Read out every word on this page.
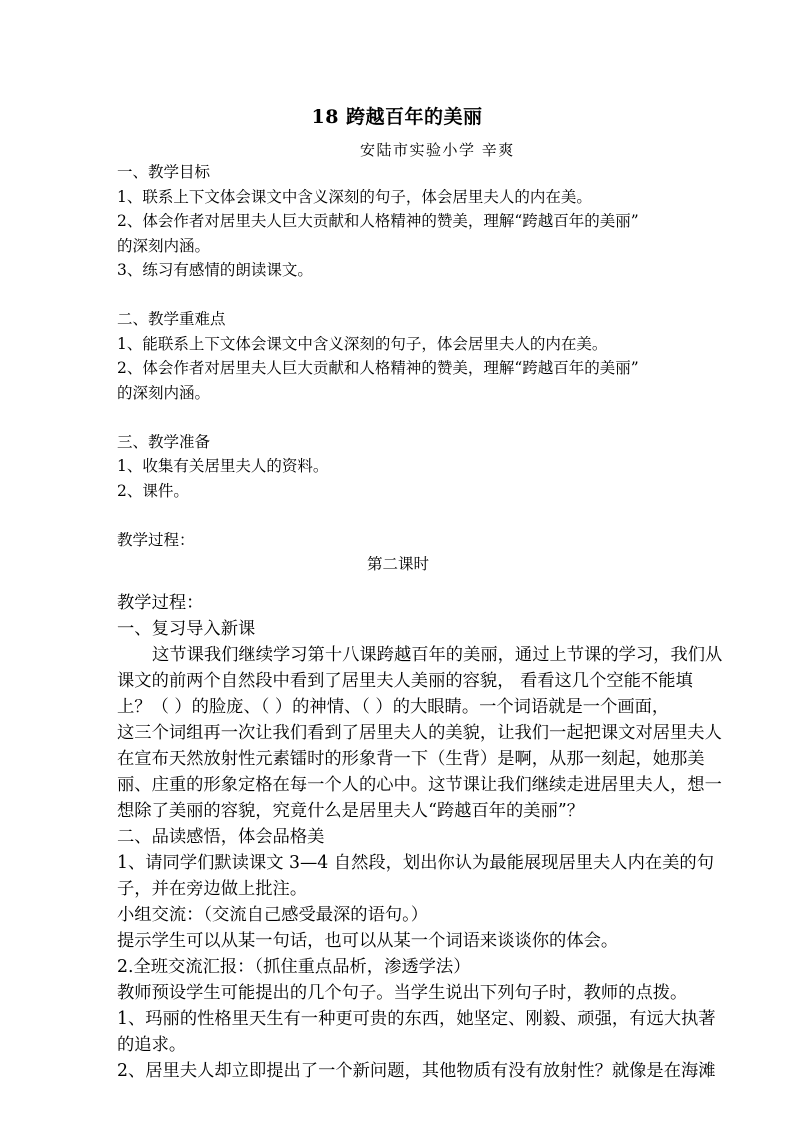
18 跨越百年的美丽
安陆市实验小学 辛爽
一、教学目标
1、联系上下文体会课文中含义深刻的句子，体会居里夫人的内在美。
2、体会作者对居里夫人巨大贡献和人格精神的赞美，理解“跨越百年的美丽”
的深刻内涵。
3、练习有感情的朗读课文。
二、教学重难点
1、能联系上下文体会课文中含义深刻的句子，体会居里夫人的内在美。
2、体会作者对居里夫人巨大贡献和人格精神的赞美，理解“跨越百年的美丽”
的深刻内涵。
三、教学准备
1、收集有关居里夫人的资料。
2、课件。
教学过程：
第二课时
教学过程：
一、复习导入新课
这节课我们继续学习第十八课跨越百年的美丽，通过上节课的学习，我们从
课文的前两个自然段中看到了居里夫人美丽的容貌， 看看这几个空能不能填
上？（ ）的脸庞、（ ）的神情、（ ）的大眼睛。一个词语就是一个画面，
这三个词组再一次让我们看到了居里夫人的美貌，让我们一起把课文对居里夫人
在宣布天然放射性元素镭时的形象背一下（生背）是啊，从那一刻起，她那美
丽、庄重的形象定格在每一个人的心中。这节课让我们继续走进居里夫人，想一
想除了美丽的容貌，究竟什么是居里夫人“跨越百年的美丽”？
二、品读感悟，体会品格美
1、请同学们默读课文 3—4 自然段，划出你认为最能展现居里夫人内在美的句
子，并在旁边做上批注。
小组交流：（交流自己感受最深的语句。）
提示学生可以从某一句话，也可以从某一个词语来谈谈你的体会。
2.全班交流汇报：（抓住重点品析，渗透学法）
教师预设学生可能提出的几个句子。当学生说出下列句子时，教师的点拨。
1、玛丽的性格里天生有一种更可贵的东西，她坚定、刚毅、顽强，有远大执著
的追求。
2、居里夫人却立即提出了一个新问题，其他物质有没有放射性？就像是在海滩
